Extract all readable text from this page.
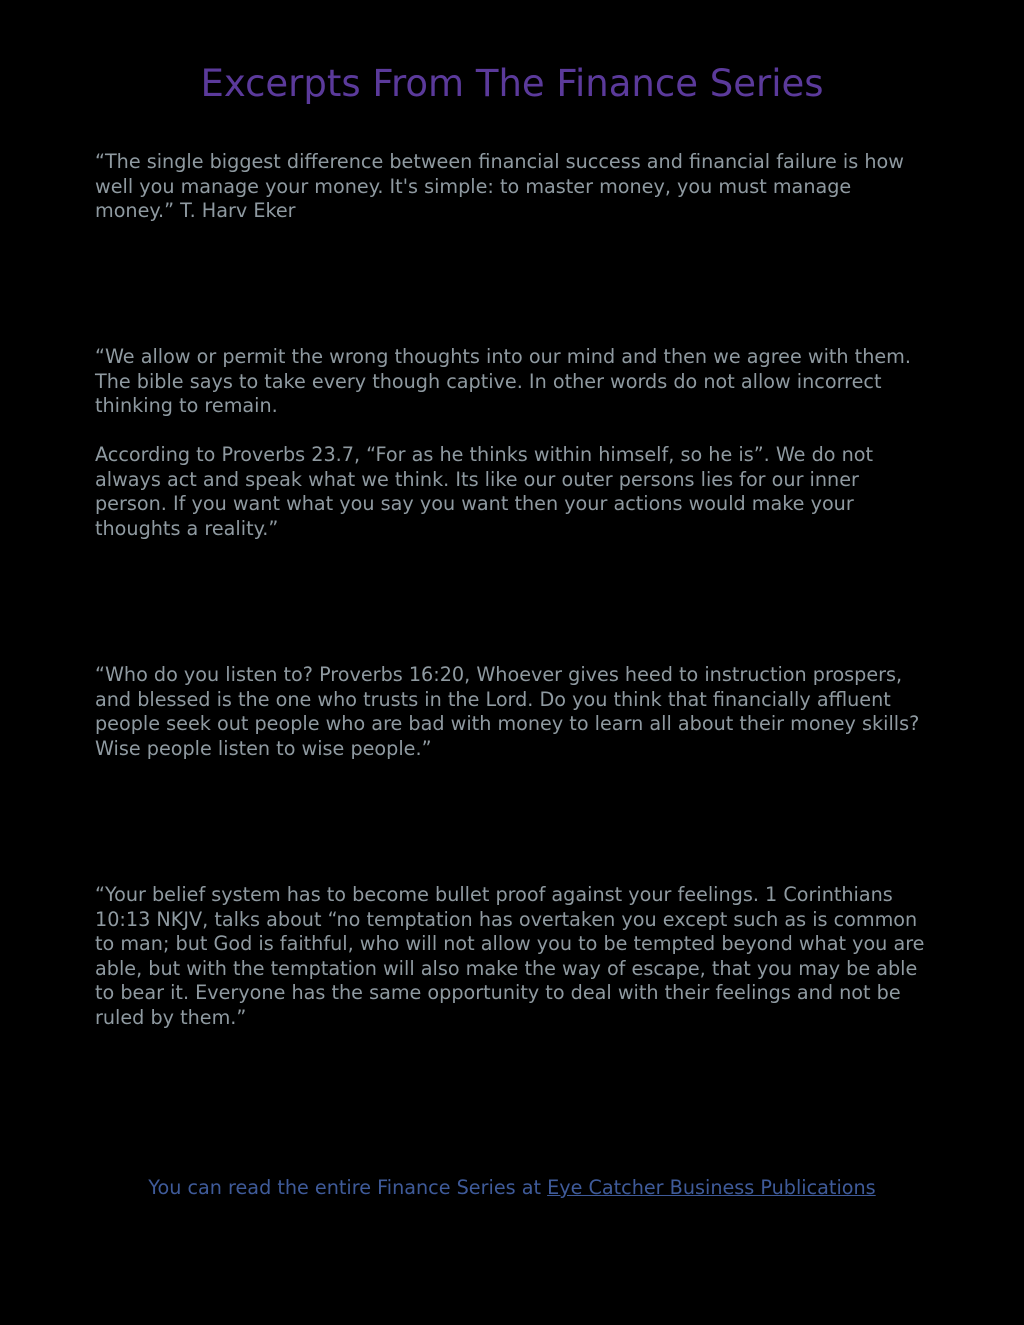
Excerpts From The Finance Series

“The single biggest difference between financial success and financial failure is how well you manage your money. It's simple: to master money, you must manage money.” T. Harv Eker

“We allow or permit the wrong thoughts into our mind and then we agree with them. The bible says to take every though captive. In other words do not allow incorrect thinking to remain.

According to Proverbs 23.7, “For as he thinks within himself, so he is”. We do not always act and speak what we think. Its like our outer persons lies for our inner person. If you want what you say you want then your actions would make your thoughts a reality.”

“Who do you listen to? Proverbs 16:20, Whoever gives heed to instruction prospers, and blessed is the one who trusts in the Lord. Do you think that financially affluent people seek out people who are bad with money to learn all about their money skills? Wise people listen to wise people.”

“Your belief system has to become bullet proof against your feelings. 1 Corinthians 10:13 NKJV, talks about “no temptation has overtaken you except such as is common to man; but God is faithful, who will not allow you to be tempted beyond what you are able, but with the temptation will also make the way of escape, that you may be able to bear it. Everyone has the same opportunity to deal with their feelings and not be ruled by them.”

You can read the entire Finance Series at Eye Catcher Business Publications
